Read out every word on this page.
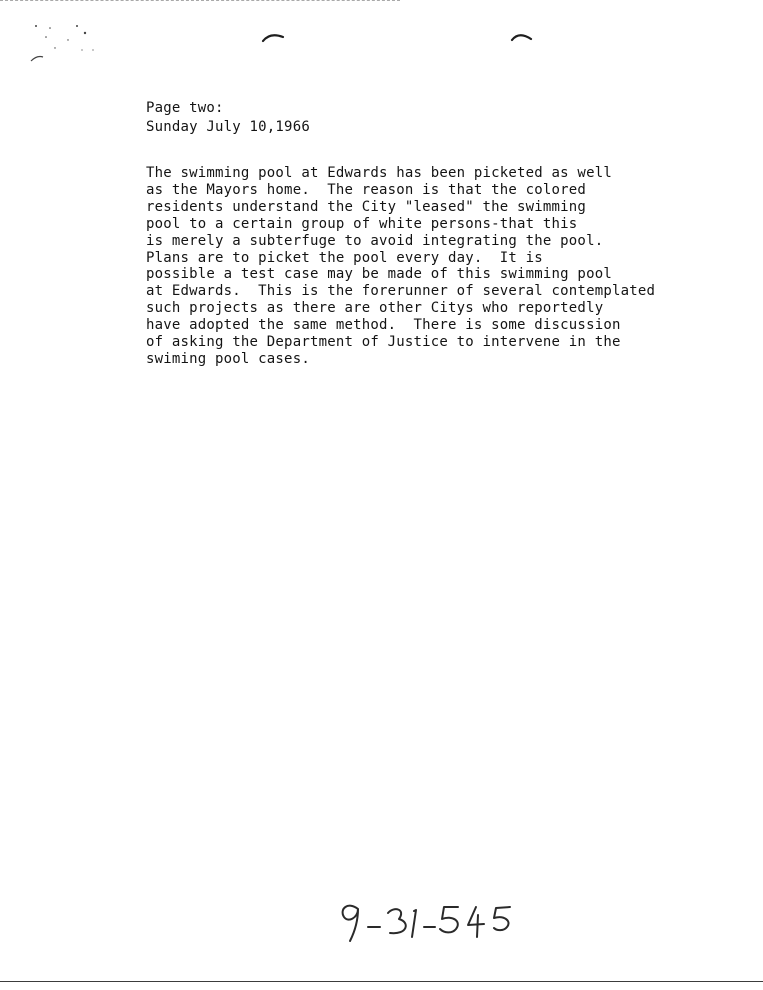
Page two:
Sunday July 10,1966
The swimming pool at Edwards has been picketed as well
as the Mayors home.  The reason is that the colored
residents understand the City "leased" the swimming
pool to a certain group of white persons-that this
is merely a subterfuge to avoid integrating the pool.
Plans are to picket the pool every day.  It is
possible a test case may be made of this swimming pool
at Edwards.  This is the forerunner of several contemplated
such projects as there are other Citys who reportedly
have adopted the same method.  There is some discussion
of asking the Department of Justice to intervene in the
swiming pool cases.
